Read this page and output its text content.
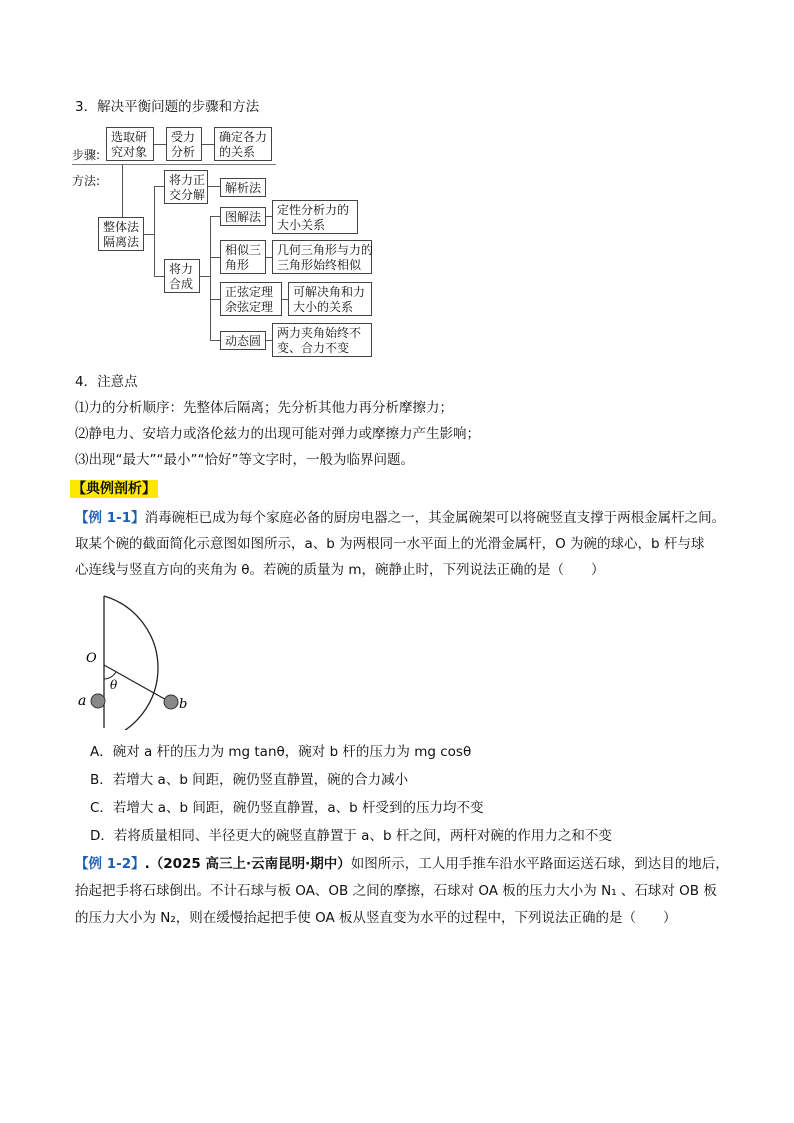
3．解决平衡问题的步骤和方法
步骤:
选取研
究对象
受力
分析
确定各力
的关系
方法:
整体法
隔离法
将力正
交分解	解析法
将力
合成
图解法	定性分析力的
大小关系
相似三
角形
几何三角形与力的
三角形始终相似
正弦定理
余弦定理
可解决角和力
大小的关系
动态圆
两力夹角始终不
变、合力不变
4．注意点
⑴力的分析顺序：先整体后隔离；先分析其他力再分析摩擦力；
⑵静电力、安培力或洛伦兹力的出现可能对弹力或摩擦力产生影响；
⑶出现“最大”“最小”“恰好”等文字时，一般为临界问题。
【典例剖析】
【例 1-1】消毒碗柜已成为每个家庭必备的厨房电器之一，其金属碗架可以将碗竖直支撑于两根金属杆之间。
取某个碗的截面简化示意图如图所示，a、b 为两根同一水平面上的光滑金属杆，O 为碗的球心，b 杆与球
心连线与竖直方向的夹角为 θ。若碗的质量为 m，碗静止时，下列说法正确的是（　　）
O
θ
a	b
A．碗对 a 杆的压力为 mg tanθ，碗对 b 杆的压力为 mg cosθ
B．若增大 a、b 间距，碗仍竖直静置，碗的合力减小
C．若增大 a、b 间距，碗仍竖直静置，a、b 杆受到的压力均不变
D．若将质量相同、半径更大的碗竖直静置于 a、b 杆之间，两杆对碗的作用力之和不变
【例 1-2】.（2025 高三上·云南昆明·期中）如图所示，工人用手推车沿水平路面运送石球，到达目的地后，
抬起把手将石球倒出。不计石球与板 OA、OB 之间的摩擦，石球对 OA 板的压力大小为 N₁ 、石球对 OB 板
的压力大小为 N₂，则在缓慢抬起把手使 OA 板从竖直变为水平的过程中，下列说法正确的是（　　）
